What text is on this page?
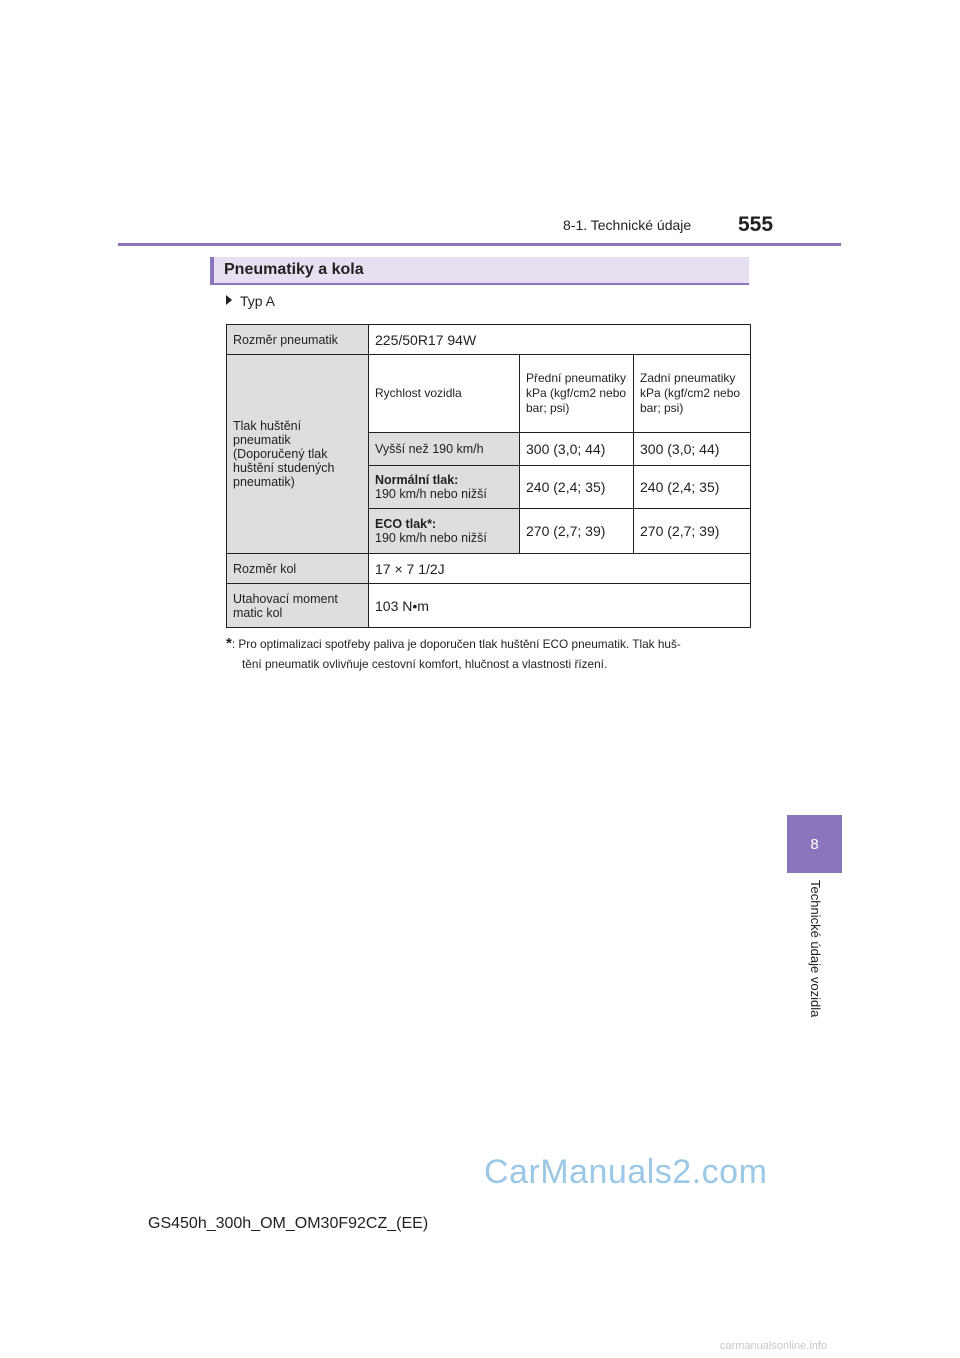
8-1. Technické údaje 555
8
Technické údaje vozidla
Pneumatiky a kola
Typ A
Rozměr pneumatik	225/50R17 94W		
Tlak huštění pneumatik (Doporučený tlak huštění studených pneumatik)	Rychlost vozidla	Přední pneumatiky kPa (kgf/cm2 nebo bar; psi)	Zadní pneumatiky kPa (kgf/cm2 nebo bar; psi)

	Vyšší než 190 km/h	300 (3,0; 44)	300 (3,0; 44)

	Normální tlak:
190 km/h nebo nižší	240 (2,4; 35)	240 (2,4; 35)

	ECO tlak*:
190 km/h nebo nižší	270 (2,7; 39)	270 (2,7; 39)
Rozměr kol	17 × 7 1/2J		
Utahovací moment matic kol	103 N•m		
*: Pro optimalizaci spotřeby paliva je doporučen tlak huštění ECO pneumatik. Tlak huš-
tění pneumatik ovlivňuje cestovní komfort, hlučnost a vlastnosti řízení.
CarManuals2.com
GS450h_300h_OM_OM30F92CZ_(EE)
carmanualsonline.info
